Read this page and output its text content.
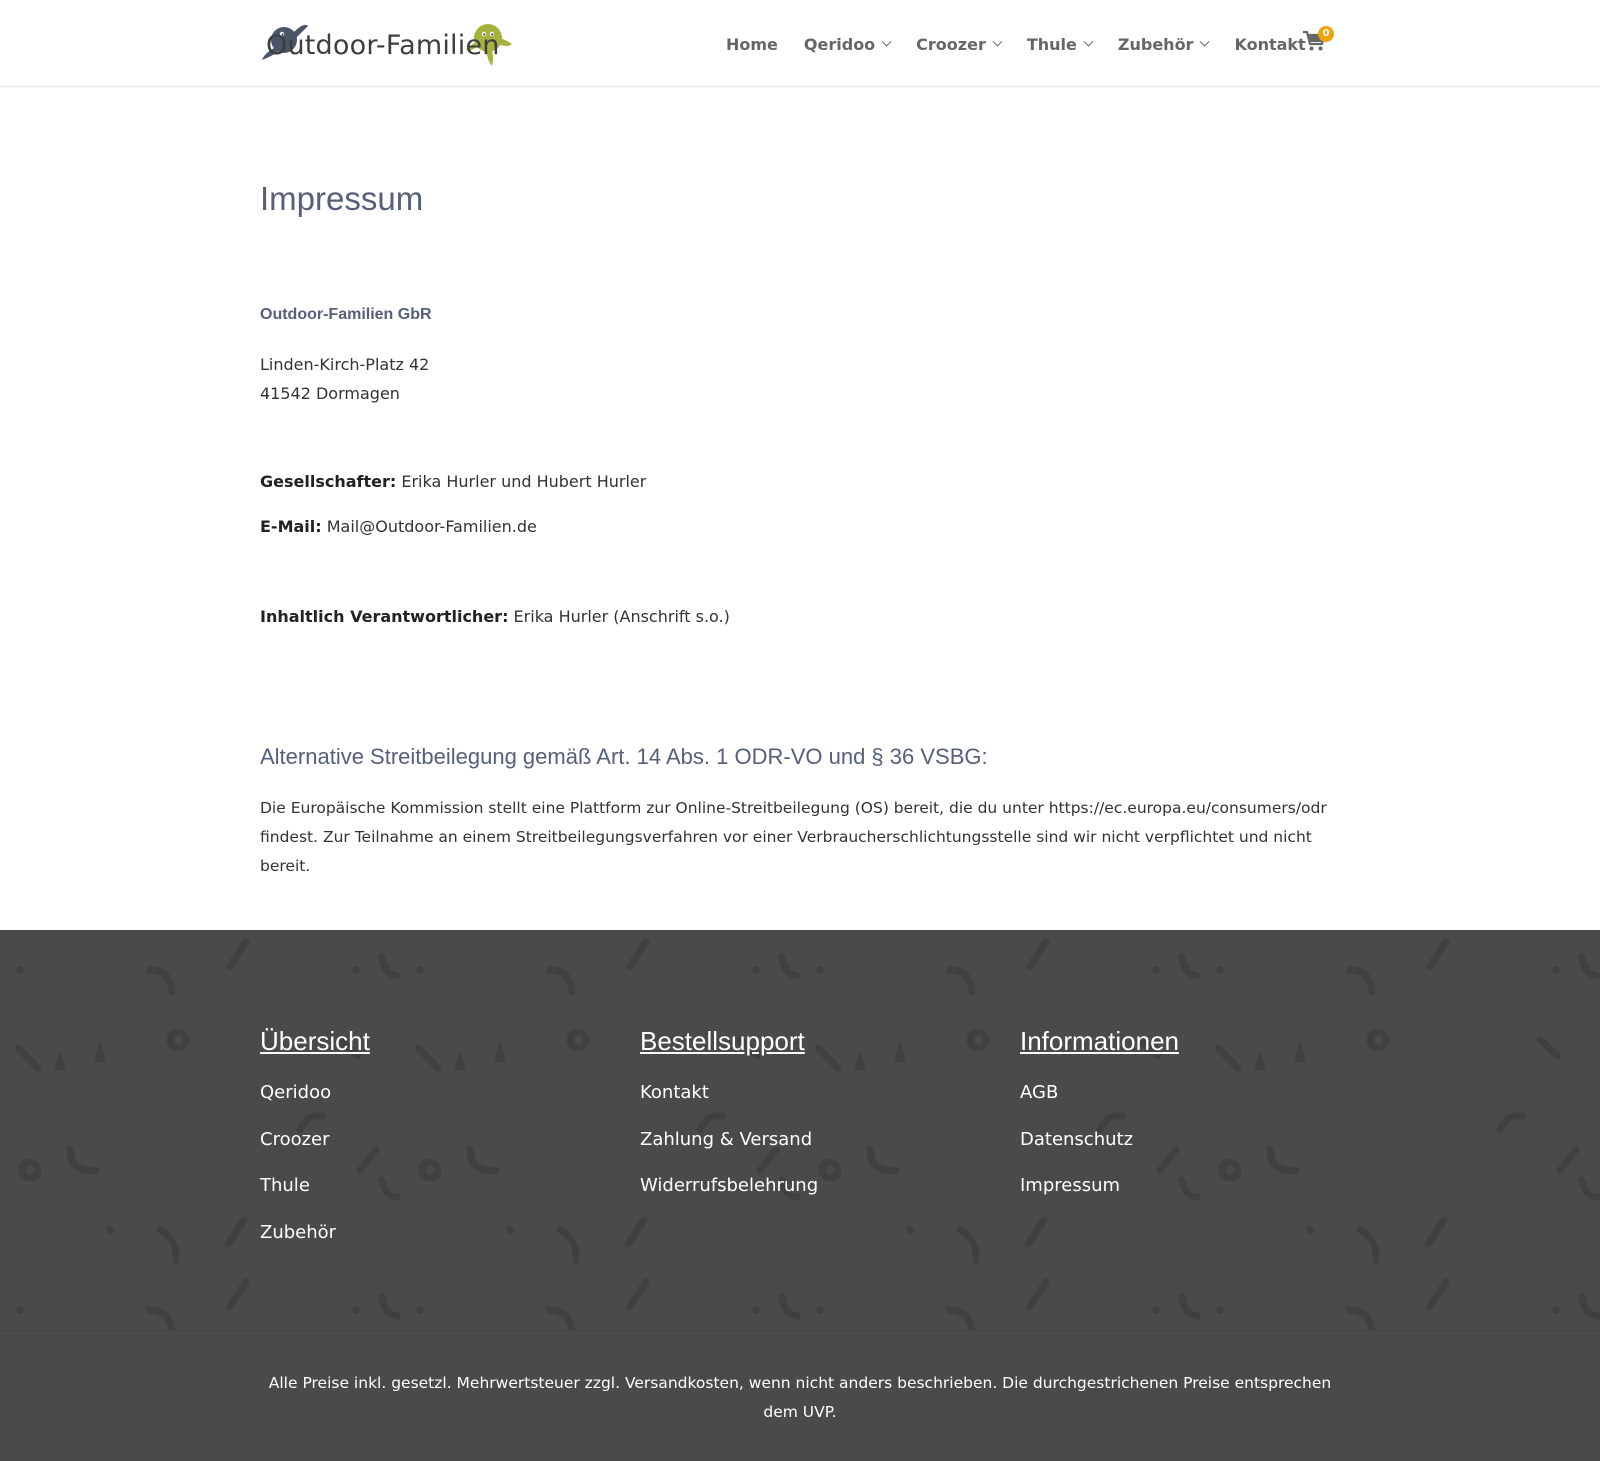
Outdoor-Familien	Home Qeridoo	Croozer	Thule	Zubehör	Kontakt
0
Impressum
Outdoor-Familien GbR
Linden-Kirch-Platz 42
41542 Dormagen
Gesellschafter: Erika Hurler und Hubert Hurler
E-Mail: Mail@Outdoor-Familien.de
Inhaltlich Verantwortlicher: Erika Hurler (Anschrift s.o.)
Alternative Streitbeilegung gemäß Art. 14 Abs. 1 ODR-VO und § 36 VSBG:

Die Europäische Kommission stellt eine Plattform zur Online-Streitbeilegung (OS) bereit, die du unter https://ec.europa.eu/consumers/odr findest. Zur Teilnahme an einem Streitbeilegungsverfahren vor einer Verbraucherschlichtungsstelle sind wir nicht verpflichtet und nicht bereit.

Übersicht
Qeridoo
Croozer
Thule
Zubehör
Bestellsupport
Kontakt
Zahlung & Versand
Widerrufsbelehrung
Informationen
AGB
Datenschutz
Impressum
Alle Preise inkl. gesetzl. Mehrwertsteuer zzgl. Versandkosten, wenn nicht anders beschrieben. Die durchgestrichenen Preise entsprechen dem UVP.
